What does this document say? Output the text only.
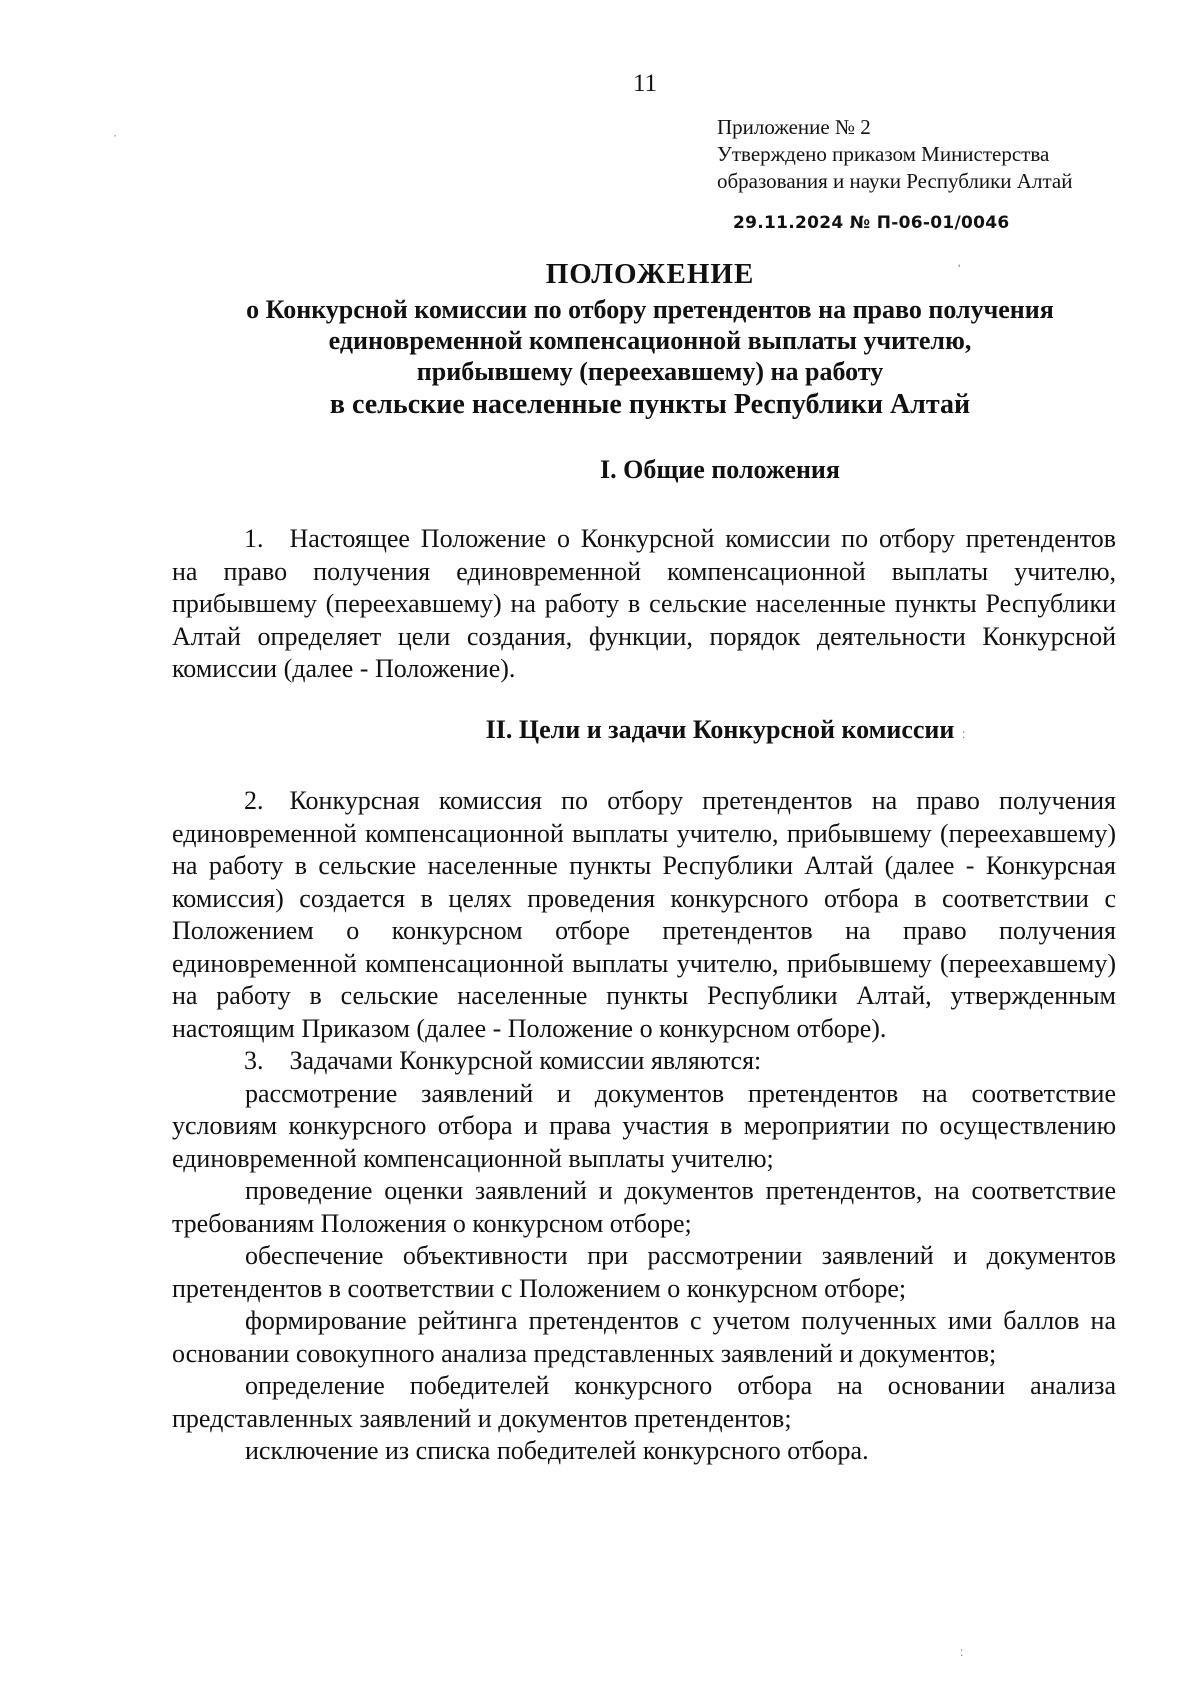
11
Приложение № 2
Утверждено приказом Министерства
образования и науки Республики Алтай
29.11.2024 № П-06-01/0046
ПОЛОЖЕНИЕ
о Конкурсной комиссии по отбору претендентов на право получения
единовременной компенсационной выплаты учителю,
прибывшему (переехавшему) на работу
в сельские населенные пункты Республики Алтай
I. Общие положения

1. Настоящее Положение о Конкурсной комиссии по отбору претендентов на право получения единовременной компенсационной выплаты учителю, прибывшему (переехавшему) на работу в сельские населенные пункты Республики Алтай определяет цели создания, функции, порядок деятельности Конкурсной комиссии (далее - Положение).

II. Цели и задачи Конкурсной комиссии

2. Конкурсная комиссия по отбору претендентов на право получения единовременной компенсационной выплаты учителю, прибывшему (переехавшему) на работу в сельские населенные пункты Республики Алтай (далее - Конкурсная комиссия) создается в целях проведения конкурсного отбора в соответствии с Положением о конкурсном отборе претендентов на право получения единовременной компенсационной выплаты учителю, прибывшему (переехавшему) на работу в сельские населенные пункты Республики Алтай, утвержденным настоящим Приказом (далее - Положение о конкурсном отборе).

3. Задачами Конкурсной комиссии являются:

рассмотрение заявлений и документов претендентов на соответствие условиям конкурсного отбора и права участия в мероприятии по осуществлению единовременной компенсационной выплаты учителю;

проведение оценки заявлений и документов претендентов, на соответствие требованиям Положения о конкурсном отборе;

обеспечение объективности при рассмотрении заявлений и документов претендентов в соответствии с Положением о конкурсном отборе;

формирование рейтинга претендентов с учетом полученных ими баллов на основании совокупного анализа представленных заявлений и документов;

определение победителей конкурсного отбора на основании анализа представленных заявлений и документов претендентов;

исключение из списка победителей конкурсного отбора.

·
'
:
:
